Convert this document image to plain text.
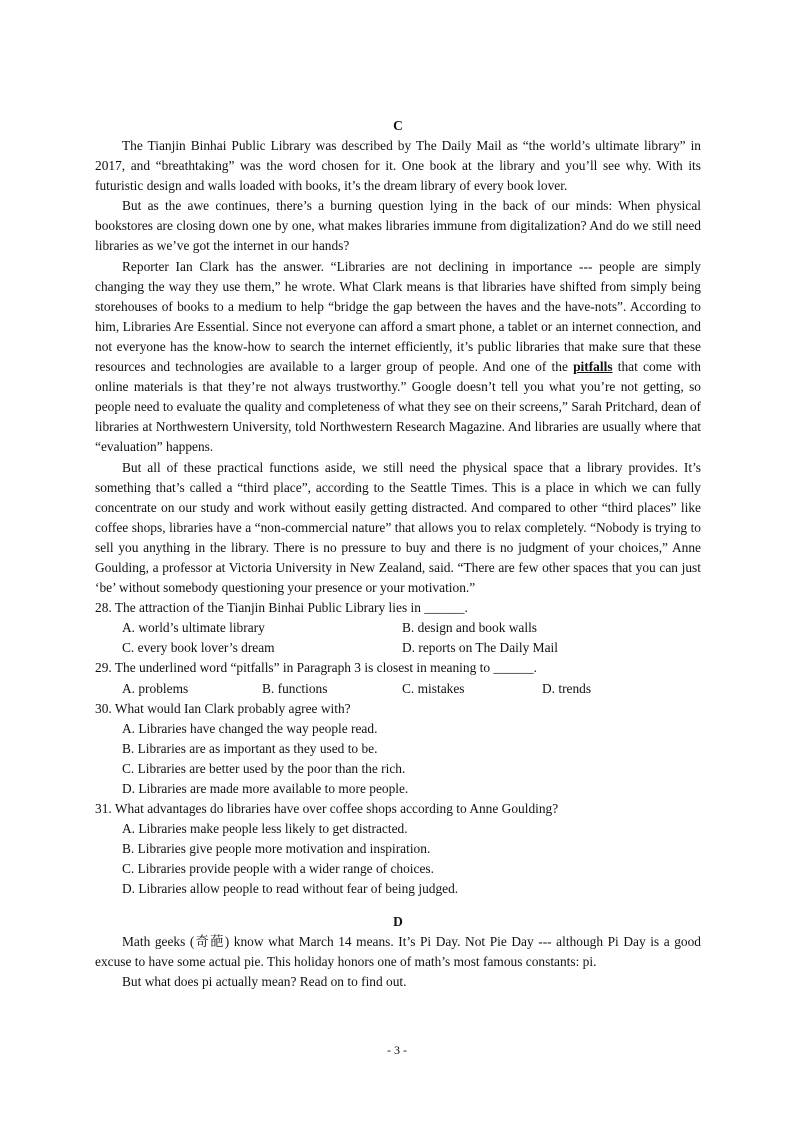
C

The Tianjin Binhai Public Library was described by The Daily Mail as “the world’s ultimate library” in 2017, and “breathtaking” was the word chosen for it. One book at the library and you’ll see why. With its futuristic design and walls loaded with books, it’s the dream library of every book lover.

But as the awe continues, there’s a burning question lying in the back of our minds: When physical bookstores are closing down one by one, what makes libraries immune from digitalization? And do we still need libraries as we’ve got the internet in our hands?

Reporter Ian Clark has the answer. “Libraries are not declining in importance --- people are simply changing the way they use them,” he wrote. What Clark means is that libraries have shifted from simply being storehouses of books to a medium to help “bridge the gap between the haves and the have-nots”. According to him, Libraries Are Essential. Since not everyone can afford a smart phone, a tablet or an internet connection, and not everyone has the know-how to search the internet efficiently, it’s public libraries that make sure that these resources and technologies are available to a larger group of people. And one of the pitfalls that come with online materials is that they’re not always trustworthy.” Google doesn’t tell you what you’re not getting, so people need to evaluate the quality and completeness of what they see on their screens,” Sarah Pritchard, dean of libraries at Northwestern University, told Northwestern Research Magazine. And libraries are usually where that “evaluation” happens.

But all of these practical functions aside, we still need the physical space that a library provides. It’s something that’s called a “third place”, according to the Seattle Times. This is a place in which we can fully concentrate on our study and work without easily getting distracted. And compared to other “third places” like coffee shops, libraries have a “non-commercial nature” that allows you to relax completely. “Nobody is trying to sell you anything in the library. There is no pressure to buy and there is no judgment of your choices,” Anne Goulding, a professor at Victoria University in New Zealand, said. “There are few other spaces that you can just ‘be’ without somebody questioning your presence or your motivation.”

28. The attraction of the Tianjin Binhai Public Library lies in ______.
A. world’s ultimate library	B. design and book walls
C. every book lover’s dream	D. reports on The Daily Mail
29. The underlined word “pitfalls” in Paragraph 3 is closest in meaning to ______.
A. problems	B. functions	C. mistakes	D. trends
30. What would Ian Clark probably agree with?
A. Libraries have changed the way people read.
B. Libraries are as important as they used to be.
C. Libraries are better used by the poor than the rich.
D. Libraries are made more available to more people.
31. What advantages do libraries have over coffee shops according to Anne Goulding?
A. Libraries make people less likely to get distracted.
B. Libraries give people more motivation and inspiration.
C. Libraries provide people with a wider range of choices.
D. Libraries allow people to read without fear of being judged.
D

Math geeks (奇葩) know what March 14 means. It’s Pi Day. Not Pie Day --- although Pi Day is a good excuse to have some actual pie. This holiday honors one of math’s most famous constants: pi.

But what does pi actually mean? Read on to find out.

- 3 -
